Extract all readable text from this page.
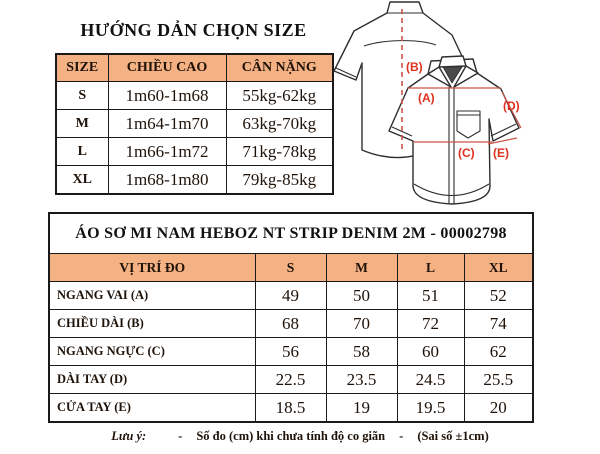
HƯỚNG DẢN CHỌN SIZE
SIZE	CHIỀU CAO	CÂN NẶNG
S	1m60-1m68	55kg-62kg
M	1m64-1m70	63kg-70kg
L	1m66-1m72	71kg-78kg
XL	1m68-1m80	79kg-85kg
(B)
(A)
(D)
(C) (E)
ÁO SƠ MI NAM HEBOZ NT STRIP DENIM 2M - 00002798				
VỊ TRÍ ĐO	S	M	L	XL
NGANG VAI (A)	49	50	51	52
CHIỀU DÀI (B)	68	70	72	74
NGANG NGỰC (C)	56	58	60	62
DÀI TAY (D)	22.5	23.5	24.5	25.5
CỬA TAY (E)	18.5	19	19.5	20
Lưu ý:	- Số đo (cm) khi chưa tính độ co giãn - (Sai số ±1cm)
